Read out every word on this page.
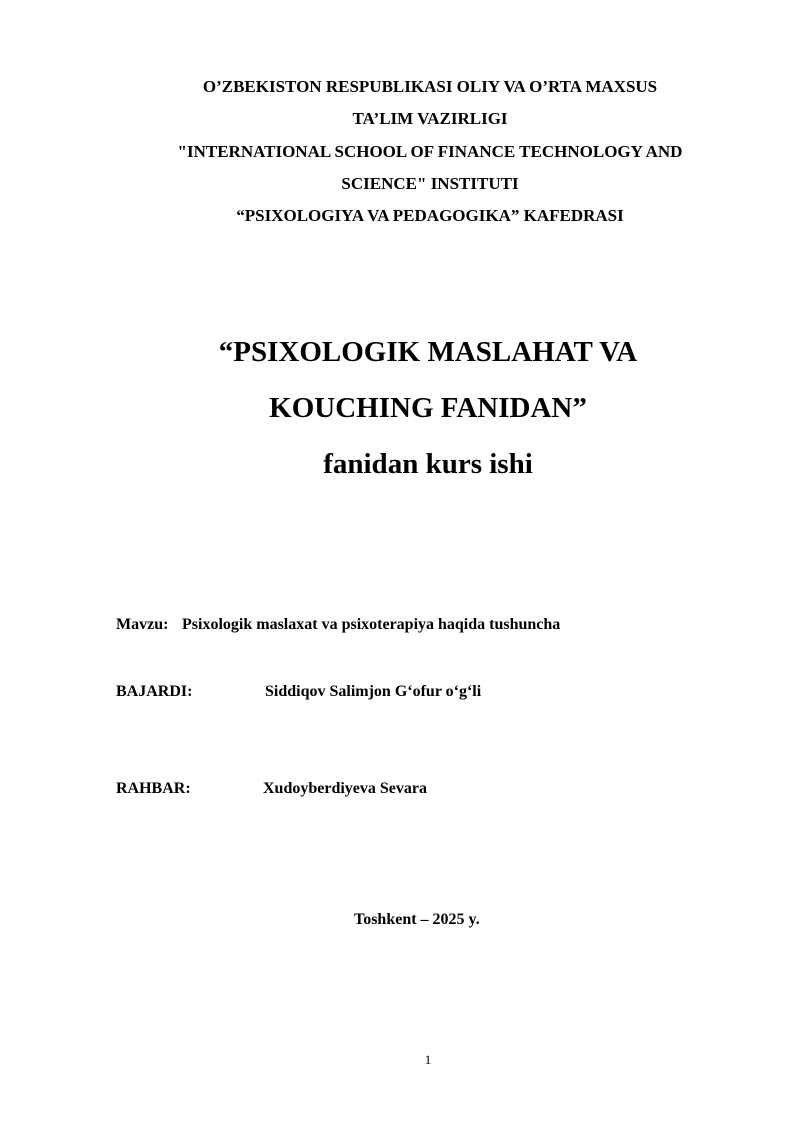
O’ZBEKISTON RESPUBLIKASI OLIY VA O’RTA MAXSUS
TA’LIM VAZIRLIGI
"INTERNATIONAL SCHOOL OF FINANCE TECHNOLOGY AND
SCIENCE" INSTITUTI
“PSIXOLOGIYA VA PEDAGOGIKA” KAFEDRASI
“PSIXOLOGIK MASLAHAT VA
KOUCHING FANIDAN”
fanidan kurs ishi
Mavzu: Psixologik maslaxat va psixoterapiya haqida tushuncha
BAJARDI:	Siddiqov Salimjon G‘ofur o‘g‘li
RAHBAR:	Xudoyberdiyeva Sevara
Toshkent – 2025 y.
1
